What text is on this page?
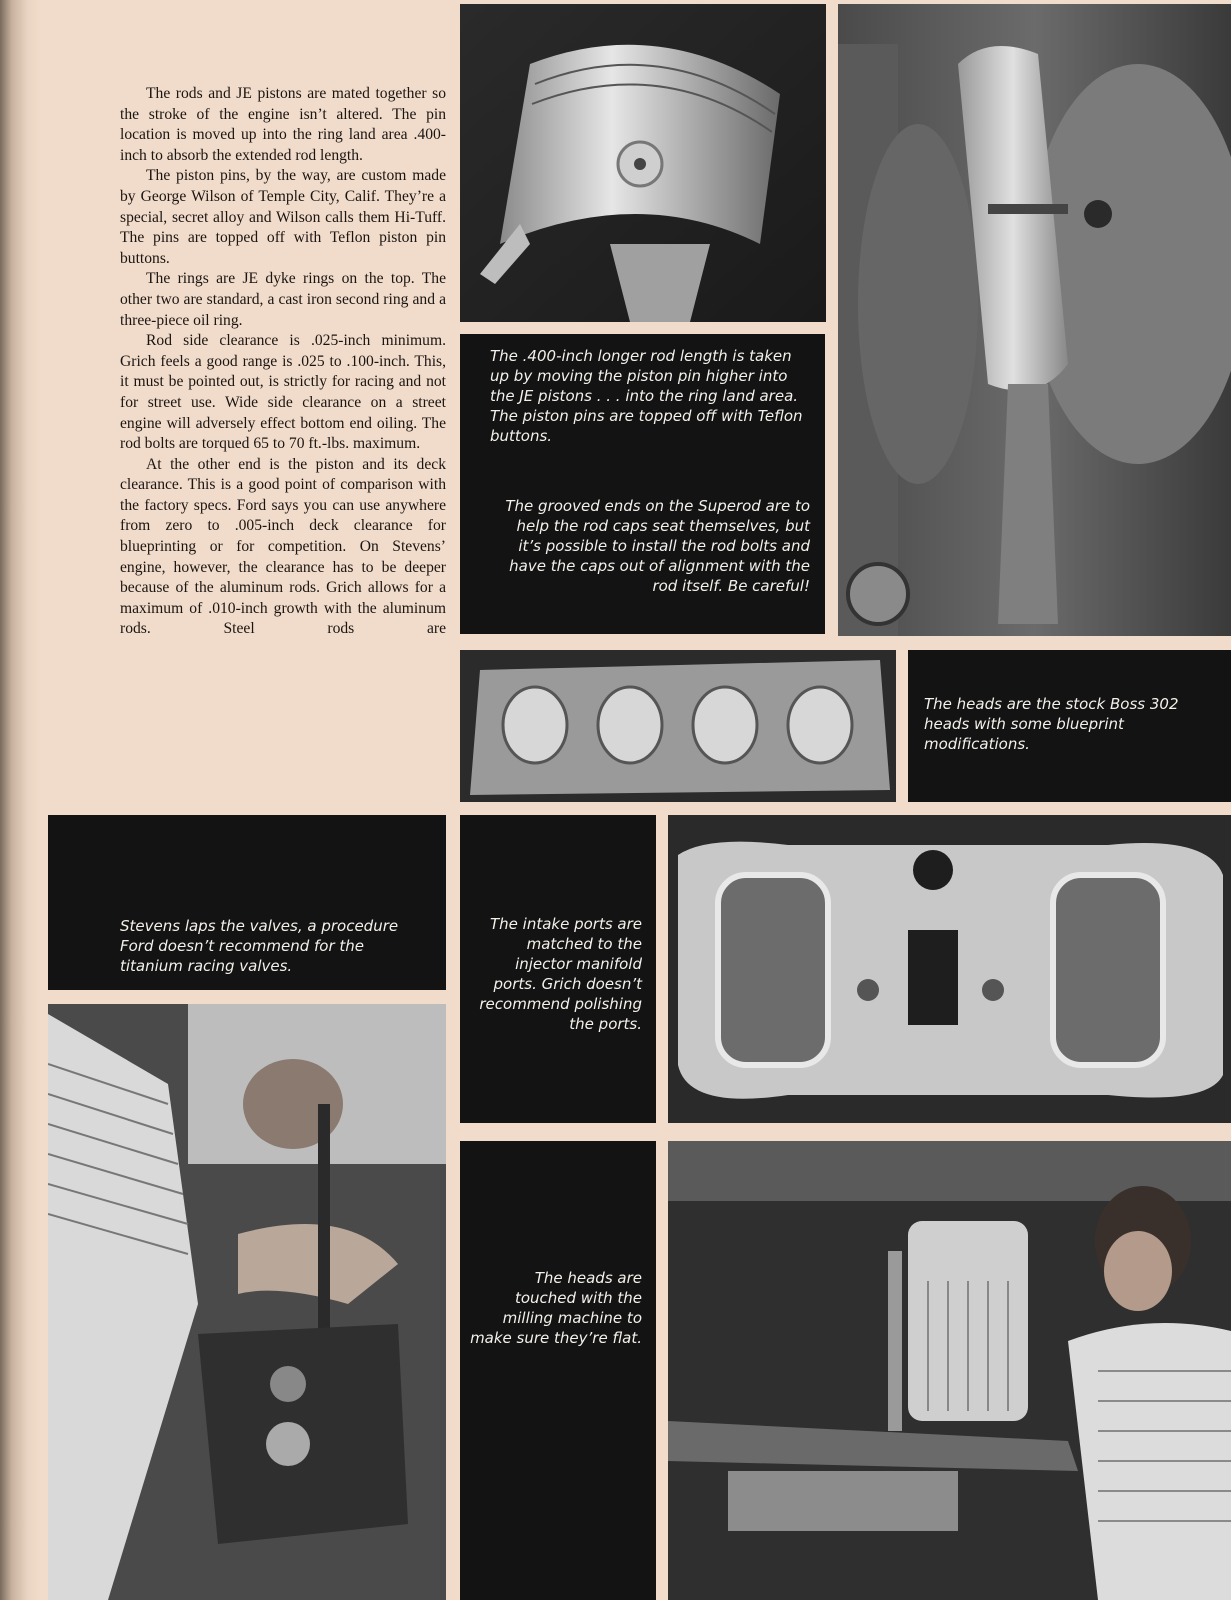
The rods and JE pistons are mated together so the stroke of the engine isn’t altered. The pin location is moved up into the ring land area .400-inch to absorb the extended rod length.

The piston pins, by the way, are custom made by George Wilson of Temple City, Calif. They’re a special, secret alloy and Wilson calls them Hi-Tuff. The pins are topped off with Teflon piston pin buttons.

The rings are JE dyke rings on the top. The other two are standard, a cast iron second ring and a three-piece oil ring.

Rod side clearance is .025-inch minimum. Grich feels a good range is .025 to .100-inch. This, it must be pointed out, is strictly for racing and not for street use. Wide side clearance on a street engine will adversely effect bottom end oiling. The rod bolts are torqued 65 to 70 ft.-lbs. maximum.

At the other end is the piston and its deck clearance. This is a good point of comparison with the factory specs. Ford says you can use anywhere from zero to .005-inch deck clearance for blueprinting or for competition. On Stevens’ engine, however, the clearance has to be deeper because of the aluminum rods. Grich allows for a maximum of .010-inch growth with the aluminum rods. Steel rods are

The .400-inch longer rod length is taken up by moving the piston pin higher into the JE pistons . . . into the ring land area. The piston pins are topped off with Teflon buttons.
The grooved ends on the Superod are to help the rod caps seat themselves, but it’s possible to install the rod bolts and have the caps out of alignment with the rod itself. Be careful!
The heads are the stock Boss 302 heads with some blueprint modifications.
Stevens laps the valves, a procedure Ford doesn’t recommend for the titanium racing valves.
The intake ports are matched to the injector manifold ports. Grich doesn’t recommend polishing the ports.
The heads are touched with the milling machine to make sure they’re flat.
